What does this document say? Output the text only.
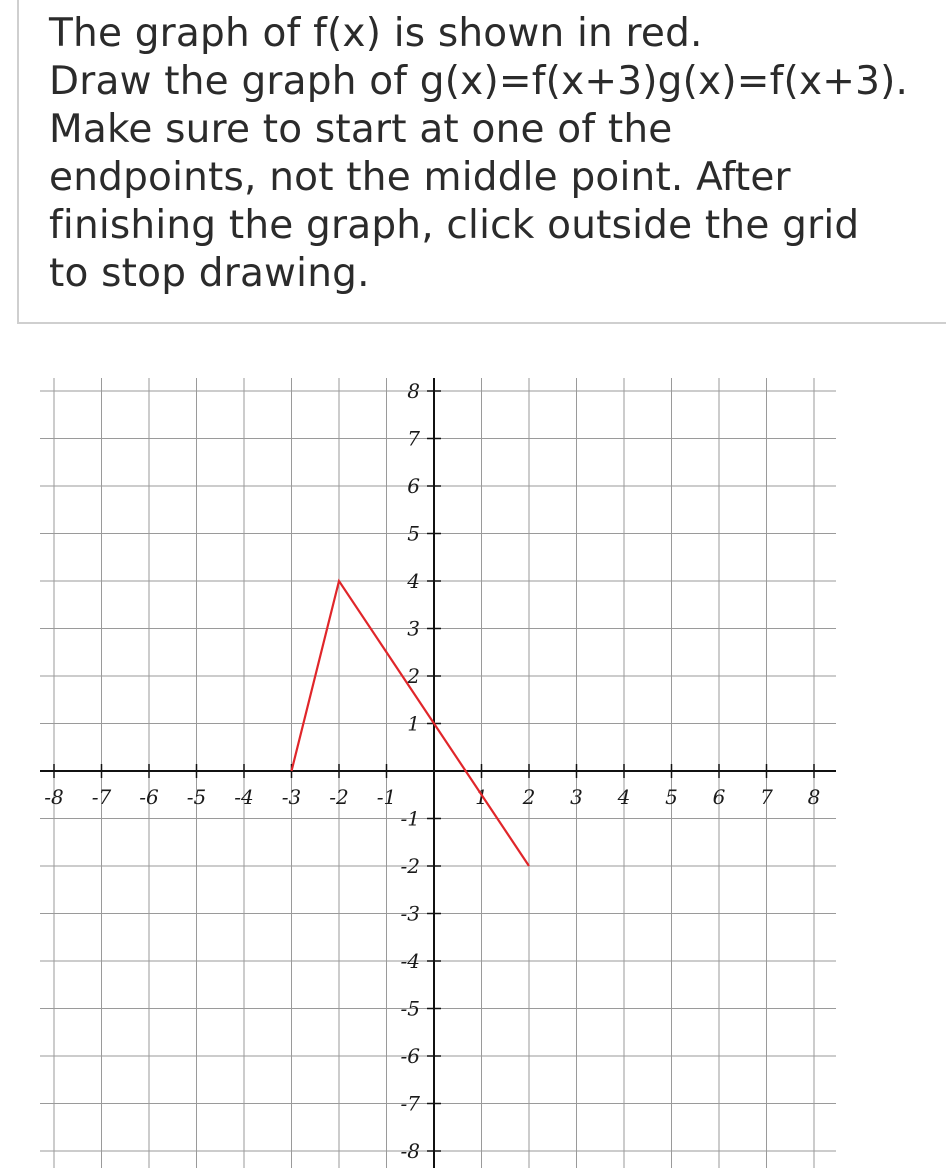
The graph of f(x) is shown in red.
Draw the graph of g(x)=f(x+3)g(x)=f(x+3).
Make sure to start at one of the
endpoints, not the middle point. After
finishing the graph, click outside the grid
to stop drawing.

-8 -7 -6 -5 -4 -3 -2 -1	1 2 3 4 5 6 7 8
8
7
6
5
4
3
2
1
-1
-2
-3
-4
-5
-6
-7
-8
